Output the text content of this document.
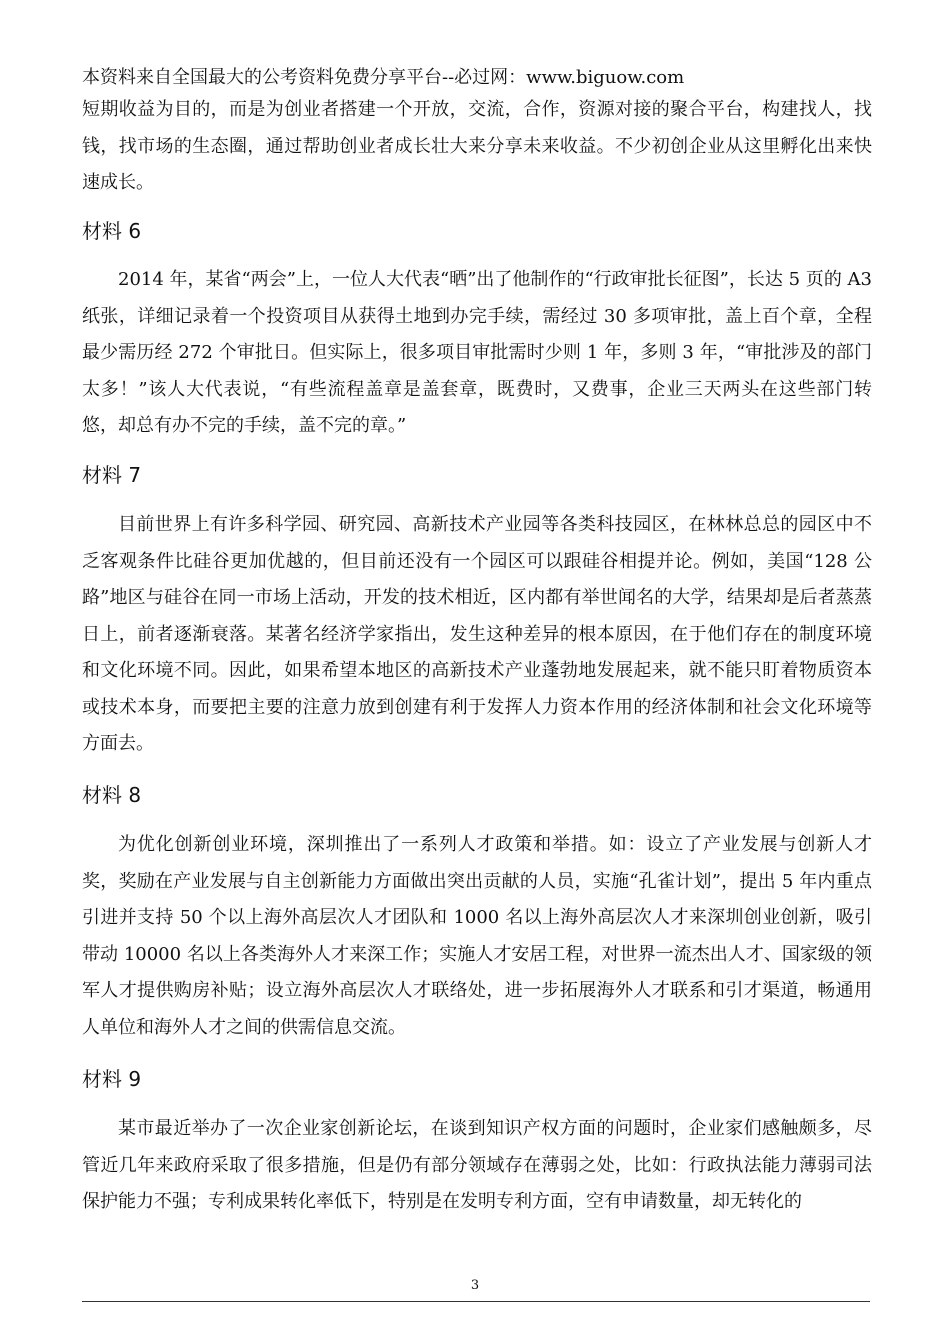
本资料来自全国最大的公考资料免费分享平台--必过网：www.biguow.com

短期收益为目的，而是为创业者搭建一个开放，交流，合作，资源对接的聚合平台，构建找人，找钱，找市场的生态圈，通过帮助创业者成长壮大来分享未来收益。不少初创企业从这里孵化出来快速成长。

材料 6

2014 年，某省“两会”上，一位人大代表“晒”出了他制作的“行政审批长征图”，长达 5 页的 A3 纸张，详细记录着一个投资项目从获得土地到办完手续，需经过 30 多项审批，盖上百个章，全程最少需历经 272 个审批日。但实际上，很多项目审批需时少则 1 年，多则 3 年，“审批涉及的部门太多！”该人大代表说，“有些流程盖章是盖套章，既费时，又费事，企业三天两头在这些部门转悠，却总有办不完的手续，盖不完的章。”

材料 7

目前世界上有许多科学园、研究园、高新技术产业园等各类科技园区，在林林总总的园区中不乏客观条件比硅谷更加优越的，但目前还没有一个园区可以跟硅谷相提并论。例如，美国“128 公路”地区与硅谷在同一市场上活动，开发的技术相近，区内都有举世闻名的大学，结果却是后者蒸蒸日上，前者逐渐衰落。某著名经济学家指出，发生这种差异的根本原因，在于他们存在的制度环境和文化环境不同。因此，如果希望本地区的高新技术产业蓬勃地发展起来，就不能只盯着物质资本或技术本身，而要把主要的注意力放到创建有利于发挥人力资本作用的经济体制和社会文化环境等方面去。

材料 8

为优化创新创业环境，深圳推出了一系列人才政策和举措。如：设立了产业发展与创新人才奖，奖励在产业发展与自主创新能力方面做出突出贡献的人员，实施“孔雀计划”，提出 5 年内重点引进并支持 50 个以上海外高层次人才团队和 1000 名以上海外高层次人才来深圳创业创新，吸引带动 10000 名以上各类海外人才来深工作；实施人才安居工程，对世界一流杰出人才、国家级的领军人才提供购房补贴；设立海外高层次人才联络处，进一步拓展海外人才联系和引才渠道，畅通用人单位和海外人才之间的供需信息交流。

材料 9

某市最近举办了一次企业家创新论坛，在谈到知识产权方面的问题时，企业家们感触颇多，尽管近几年来政府采取了很多措施，但是仍有部分领域存在薄弱之处，比如：行政执法能力薄弱司法保护能力不强；专利成果转化率低下，特别是在发明专利方面，空有申请数量，却无转化的

3
